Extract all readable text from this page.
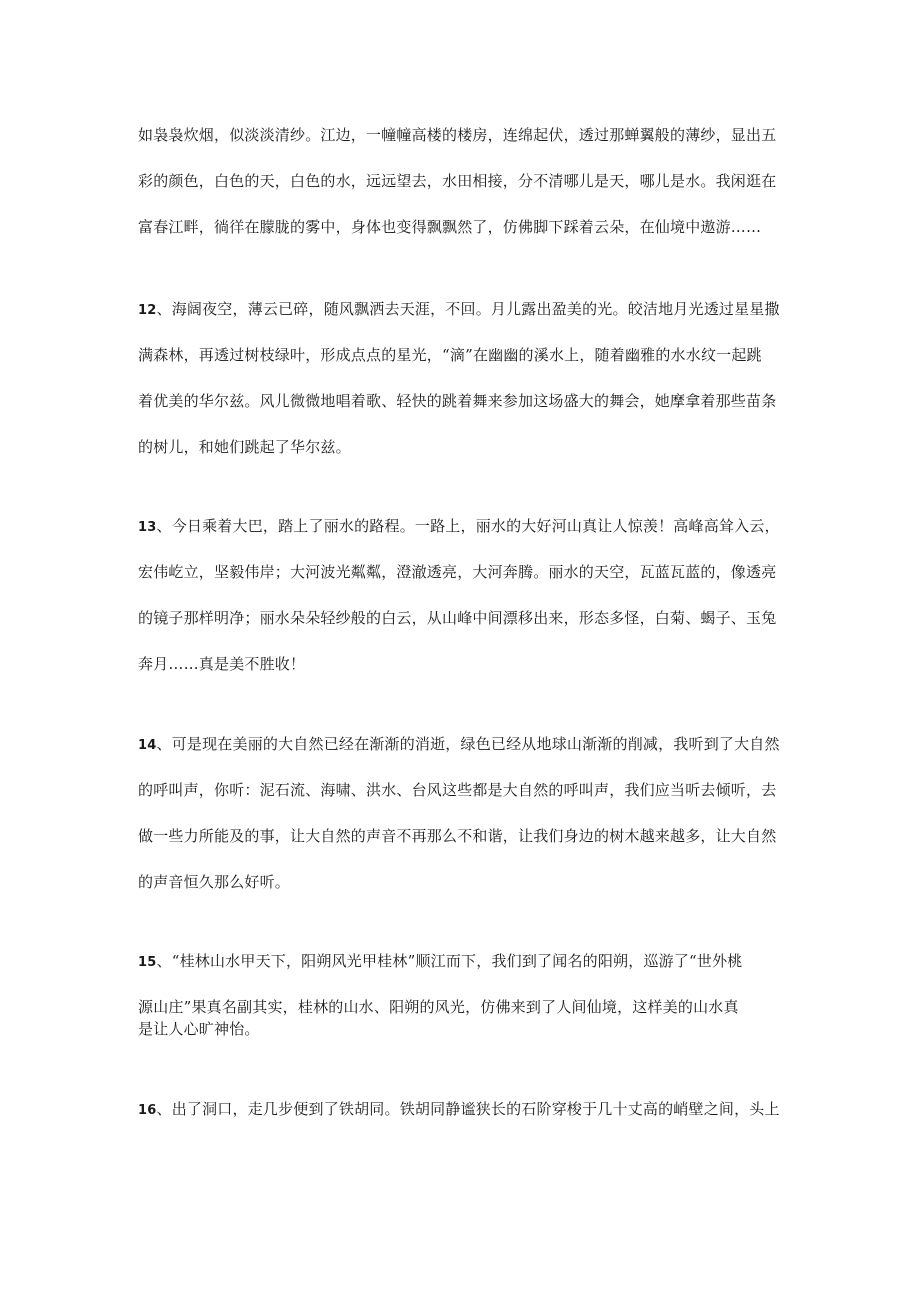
如袅袅炊烟，似淡淡清纱。江边，一幢幢高楼的楼房，连绵起伏，透过那蝉翼般的薄纱，显出五
彩的颜色，白色的天，白色的水，远远望去，水田相接，分不清哪儿是天，哪儿是水。我闲逛在
富春江畔，徜徉在朦胧的雾中，身体也变得飘飘然了，仿佛脚下踩着云朵，在仙境中遨游……
12、海阔夜空，薄云已碎，随风飘洒去天涯，不回。月儿露出盈美的光。皎洁地月光透过星星撒
满森林，再透过树枝绿叶，形成点点的星光，“滴”在幽幽的溪水上，随着幽雅的水水纹一起跳
着优美的华尔兹。风儿微微地唱着歌、轻快的跳着舞来参加这场盛大的舞会，她摩拿着那些苗条
的树儿，和她们跳起了华尔兹。
13、今日乘着大巴，踏上了丽水的路程。一路上，丽水的大好河山真让人惊羡！高峰高耸入云，
宏伟屹立，坚毅伟岸；大河波光粼粼，澄澈透亮，大河奔腾。丽水的天空，瓦蓝瓦蓝的，像透亮
的镜子那样明净；丽水朵朵轻纱般的白云，从山峰中间漂移出来，形态多怪，白菊、蝎子、玉兔
奔月……真是美不胜收！
14、可是现在美丽的大自然已经在渐渐的消逝，绿色已经从地球山渐渐的削减，我听到了大自然
的呼叫声，你听：泥石流、海啸、洪水、台风这些都是大自然的呼叫声，我们应当听去倾听，去
做一些力所能及的事，让大自然的声音不再那么不和谐，让我们身边的树木越来越多，让大自然
的声音恒久那么好听。
15、“桂林山水甲天下，阳朔风光甲桂林”顺江而下，我们到了闻名的阳朔，巡游了“世外桃
源山庄”果真名副其实，桂林的山水、阳朔的风光，仿佛来到了人间仙境，这样美的山水真
是让人心旷神怡。
16、出了洞口，走几步便到了铁胡同。铁胡同静谧狭长的石阶穿梭于几十丈高的峭壁之间，头上
